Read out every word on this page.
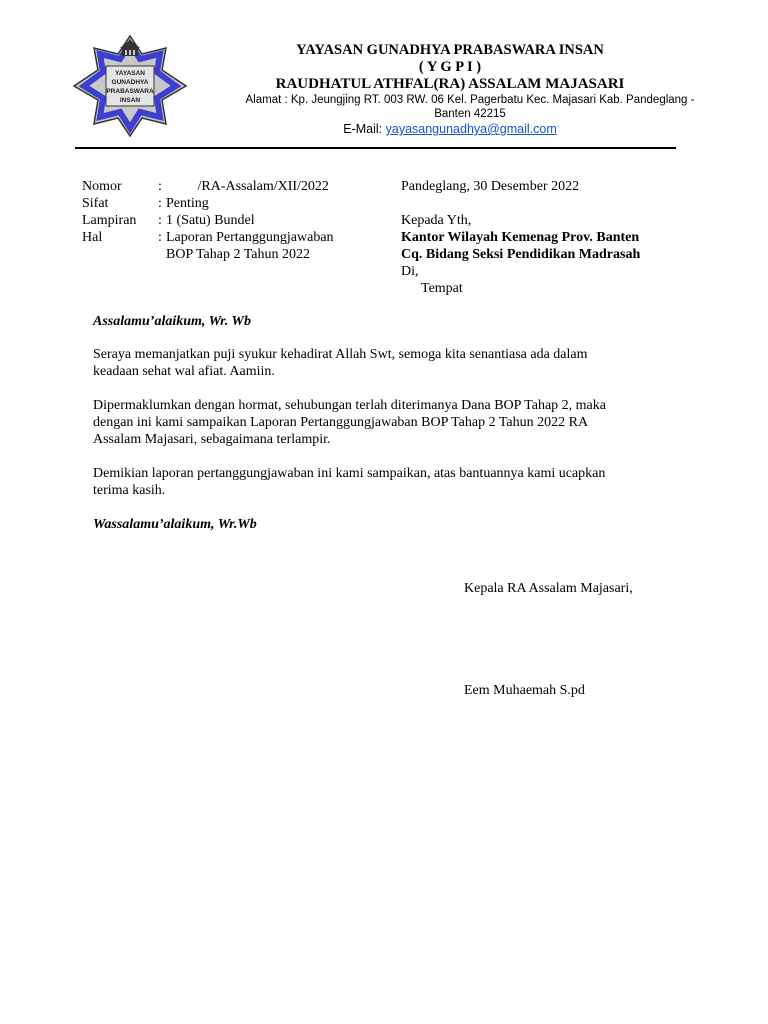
YAYASAN
GUNADHYA
PRABASWARA
INSAN
YAYASAN GUNADHYA PRABASWARA INSAN
( Y G P I )
RAUDHATUL ATHFAL(RA) ASSALAM MAJASARI
Alamat : Kp. Jeungjing RT. 003 RW. 06 Kel. Pagerbatu Kec. Majasari Kab. Pandeglang -
Banten 42215
E-Mail: yayasangunadhya@gmail.com
Nomor	: /RA-Assalam/XII/2022
Sifat	: Penting
Lampiran	: 1 (Satu) Bundel
Hal	: Laporan Pertanggungjawaban
BOP Tahap 2 Tahun 2022
Pandeglang, 30 Desember 2022
Kepada Yth,
Kantor Wilayah Kemenag Prov. Banten
Cq. Bidang Seksi Pendidikan Madrasah
Di,
Tempat

Assalamu’alaikum, Wr. Wb

Seraya memanjatkan puji syukur kehadirat Allah Swt, semoga kita senantiasa ada dalam

keadaan sehat wal afiat. Aamiin.

Dipermaklumkan dengan hormat, sehubungan terlah diterimanya Dana BOP Tahap 2, maka

dengan ini kami sampaikan Laporan Pertanggungjawaban BOP Tahap 2 Tahun 2022 RA

Assalam Majasari, sebagaimana terlampir.

Demikian laporan pertanggungjawaban ini kami sampaikan, atas bantuannya kami ucapkan

terima kasih.

Wassalamu’alaikum, Wr.Wb

Kepala RA Assalam Majasari,
Eem Muhaemah S.pd
